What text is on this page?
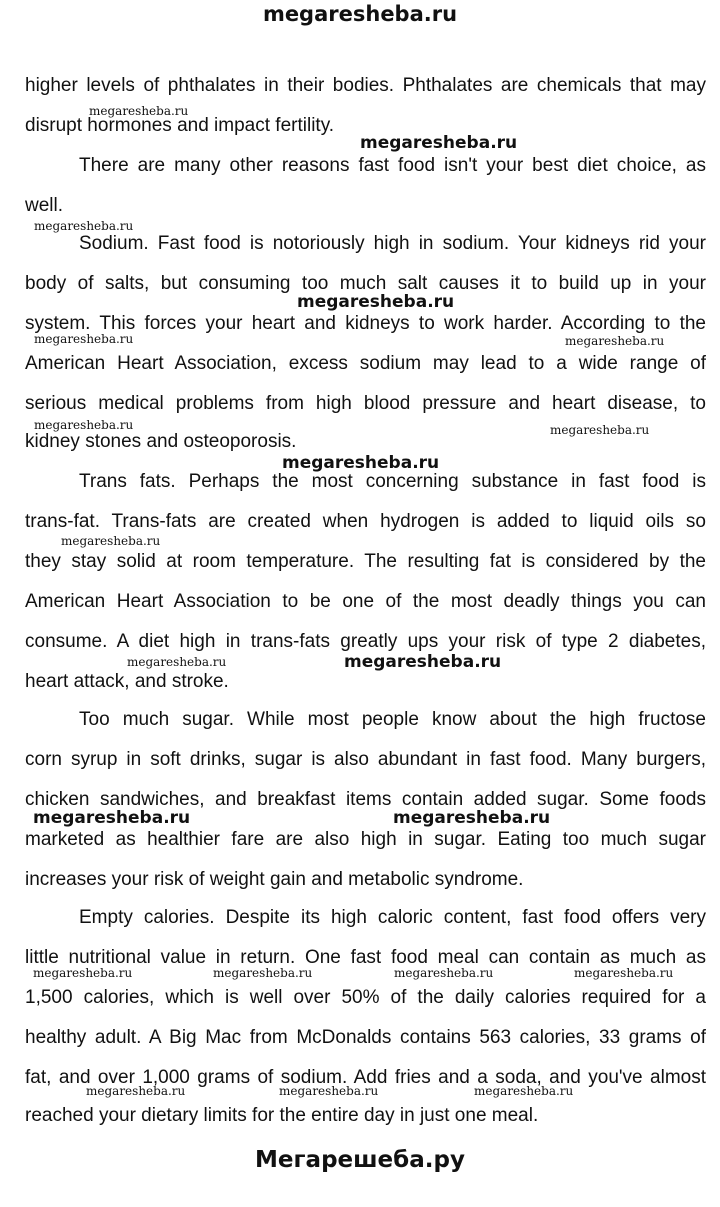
megaresheba.ru
higher levels of phthalates in their bodies. Phthalates are chemicals that may
disrupt hormones and impact fertility.
There are many other reasons fast food isn't your best diet choice, as
well.
Sodium. Fast food is notoriously high in sodium. Your kidneys rid your
body of salts, but consuming too much salt causes it to build up in your
system. This forces your heart and kidneys to work harder. According to the
American Heart Association, excess sodium may lead to a wide range of
serious medical problems from high blood pressure and heart disease, to
kidney stones and osteoporosis.
Trans fats. Perhaps the most concerning substance in fast food is
trans-fat. Trans-fats are created when hydrogen is added to liquid oils so
they stay solid at room temperature. The resulting fat is considered by the
American Heart Association to be one of the most deadly things you can
consume. A diet high in trans-fats greatly ups your risk of type 2 diabetes,
heart attack, and stroke.
Too much sugar. While most people know about the high fructose
corn syrup in soft drinks, sugar is also abundant in fast food. Many burgers,
chicken sandwiches, and breakfast items contain added sugar. Some foods
marketed as healthier fare are also high in sugar. Eating too much sugar
increases your risk of weight gain and metabolic syndrome.
Empty calories. Despite its high caloric content, fast food offers very
little nutritional value in return. One fast food meal can contain as much as
1,500 calories, which is well over 50% of the daily calories required for a
healthy adult. A Big Mac from McDonalds contains 563 calories, 33 grams of
fat, and over 1,000 grams of sodium. Add fries and a soda, and you've almost
reached your dietary limits for the entire day in just one meal.
megaresheba.ru
megaresheba.ru
megaresheba.ru
megaresheba.ru
megaresheba.ru	megaresheba.ru
megaresheba.ru	megaresheba.ru
megaresheba.ru
megaresheba.ru
megaresheba.ru	megaresheba.ru
megaresheba.ru	megaresheba.ru
megaresheba.ru	megaresheba.ru	megaresheba.ru	megaresheba.ru
megaresheba.ru	megaresheba.ru	megaresheba.ru
Мегарешеба.ру
